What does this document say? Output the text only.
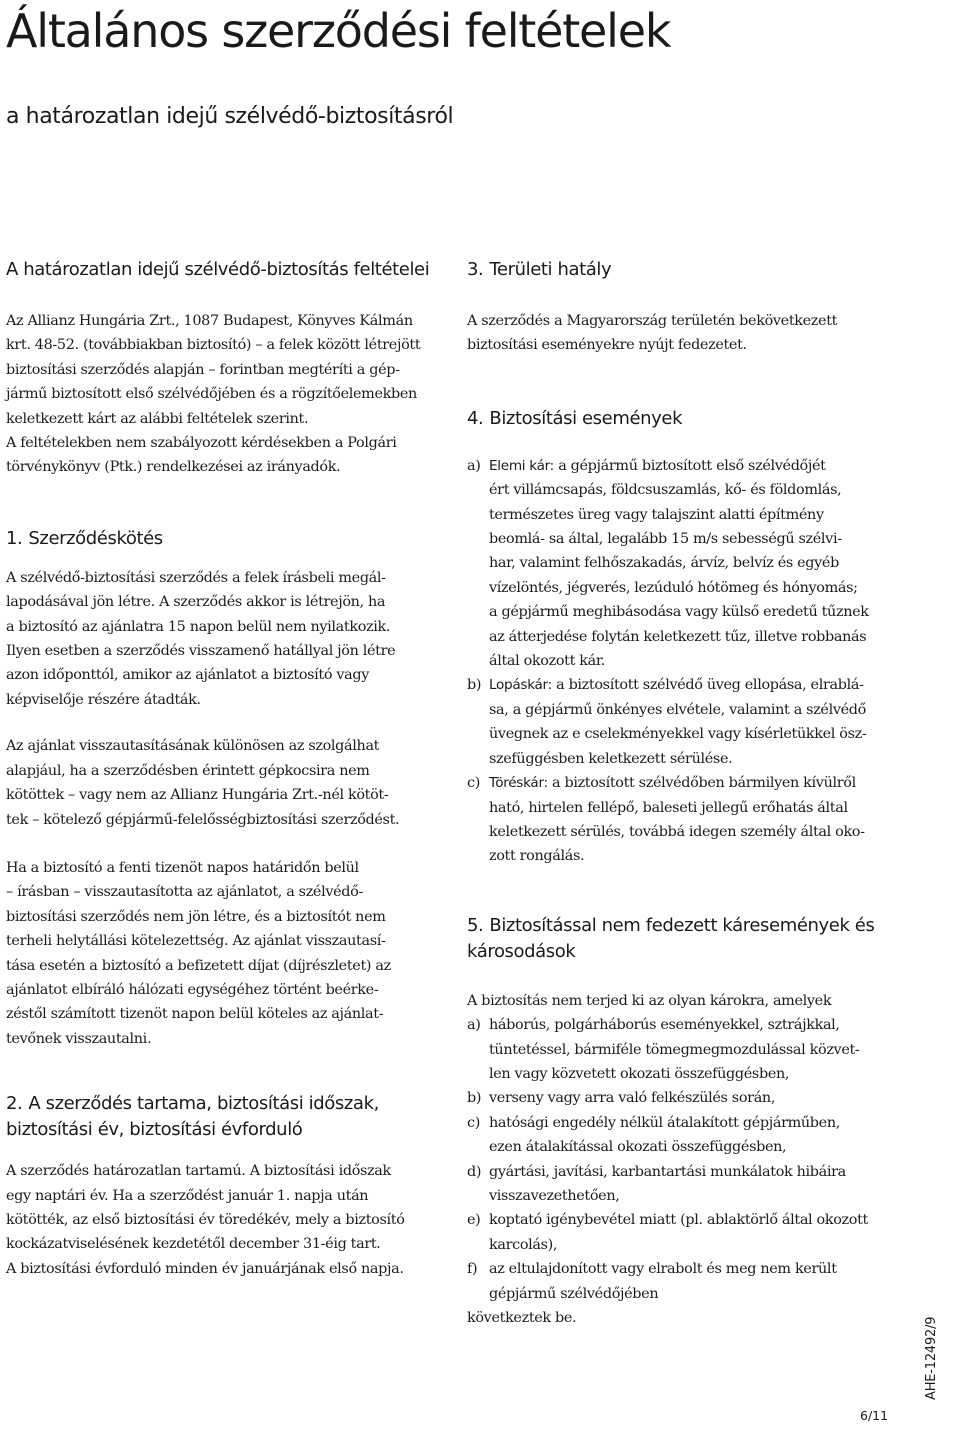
Általános szerződési feltételek
a határozatlan idejű szélvédő-biztosításról
A határozatlan idejű szélvédő-biztosítás feltételei

Az Allianz Hungária Zrt., 1087 Budapest, Könyves Kálmán

krt. 48-52. (továbbiakban biztosító) – a felek között létrejött

biztosítási szerződés alapján – forintban megtéríti a gép-

jármű biztosított első szélvédőjében és a rögzítőelemekben

keletkezett kárt az alábbi feltételek szerint.

A feltételekben nem szabályozott kérdésekben a Polgári

törvénykönyv (Ptk.) rendelkezései az irányadók.

1. Szerződéskötés

A szélvédő-biztosítási szerződés a felek írásbeli megál-

lapodásával jön létre. A szerződés akkor is létrejön, ha

a biztosító az ajánlatra 15 napon belül nem nyilatkozik.

Ilyen esetben a szerződés visszamenő hatállyal jön létre

azon időponttól, amikor az ajánlatot a biztosító vagy

képviselője részére átadták.

Az ajánlat visszautasításának különösen az szolgálhat

alapjául, ha a szerződésben érintett gépkocsira nem

kötöttek – vagy nem az Allianz Hungária Zrt.-nél kötöt-

tek – kötelező gépjármű-felelősségbiztosítási szerződést.

Ha a biztosító a fenti tizenöt napos határidőn belül

– írásban – visszautasította az ajánlatot, a szélvédő-

biztosítási szerződés nem jön létre, és a biztosítót nem

terheli helytállási kötelezettség. Az ajánlat visszautasí-

tása esetén a biztosító a befizetett díjat (díjrészletet) az

ajánlatot elbíráló hálózati egységéhez történt beérke-

zéstől számított tizenöt napon belül köteles az ajánlat-

tevőnek visszautalni.

2. A szerződés tartama, biztosítási időszak,
biztosítási év, biztosítási évforduló

A szerződés határozatlan tartamú. A biztosítási időszak

egy naptári év. Ha a szerződést január 1. napja után

kötötték, az első biztosítási év töredékév, mely a biztosító

kockázatviselésének kezdetétől december 31-éig tart.

A biztosítási évforduló minden év januárjának első napja.

3. Területi hatály

A szerződés a Magyarország területén bekövetkezett

biztosítási eseményekre nyújt fedezetet.

4. Biztosítási események
a) Elemi kár: a gépjármű biztosított első szélvédőjét

ért villámcsapás, földcsuszamlás, kő- és földomlás,

természetes üreg vagy talajszint alatti építmény

beomlá- sa által, legalább 15 m/s sebességű szélvi-

har, valamint felhőszakadás, árvíz, belvíz és egyéb

vízelöntés, jégverés, lezúduló hótömeg és hónyomás;

a gépjármű meghibásodása vagy külső eredetű tűznek

az átterjedése folytán keletkezett tűz, illetve robbanás

által okozott kár.

b) Lopáskár: a biztosított szélvédő üveg ellopása, elrablá-

sa, a gépjármű önkényes elvétele, valamint a szélvédő

üvegnek az e cselekményekkel vagy kísérletükkel ösz-

szefüggésben keletkezett sérülése.

c) Töréskár: a biztosított szélvédőben bármilyen kívülről

ható, hirtelen fellépő, baleseti jellegű erőhatás által

keletkezett sérülés, továbbá idegen személy által oko-

zott rongálás.

5. Biztosítással nem fedezett káresemények és
károsodások

A biztosítás nem terjed ki az olyan károkra, amelyek

a) háborús, polgárháborús eseményekkel, sztrájkkal,

tüntetéssel, bármiféle tömegmegmozdulással közvet-

len vagy közvetett okozati összefüggésben,

b) verseny vagy arra való felkészülés során,

c) hatósági engedély nélkül átalakított gépjárműben,

ezen átalakítással okozati összefüggésben,

d) gyártási, javítási, karbantartási munkálatok hibáira

visszavezethetően,

e) koptató igénybevétel miatt (pl. ablaktörlő által okozott

karcolás),

f) az eltulajdonított vagy elrabolt és meg nem került

gépjármű szélvédőjében

következtek be.	AHE-12492/9
6/11
